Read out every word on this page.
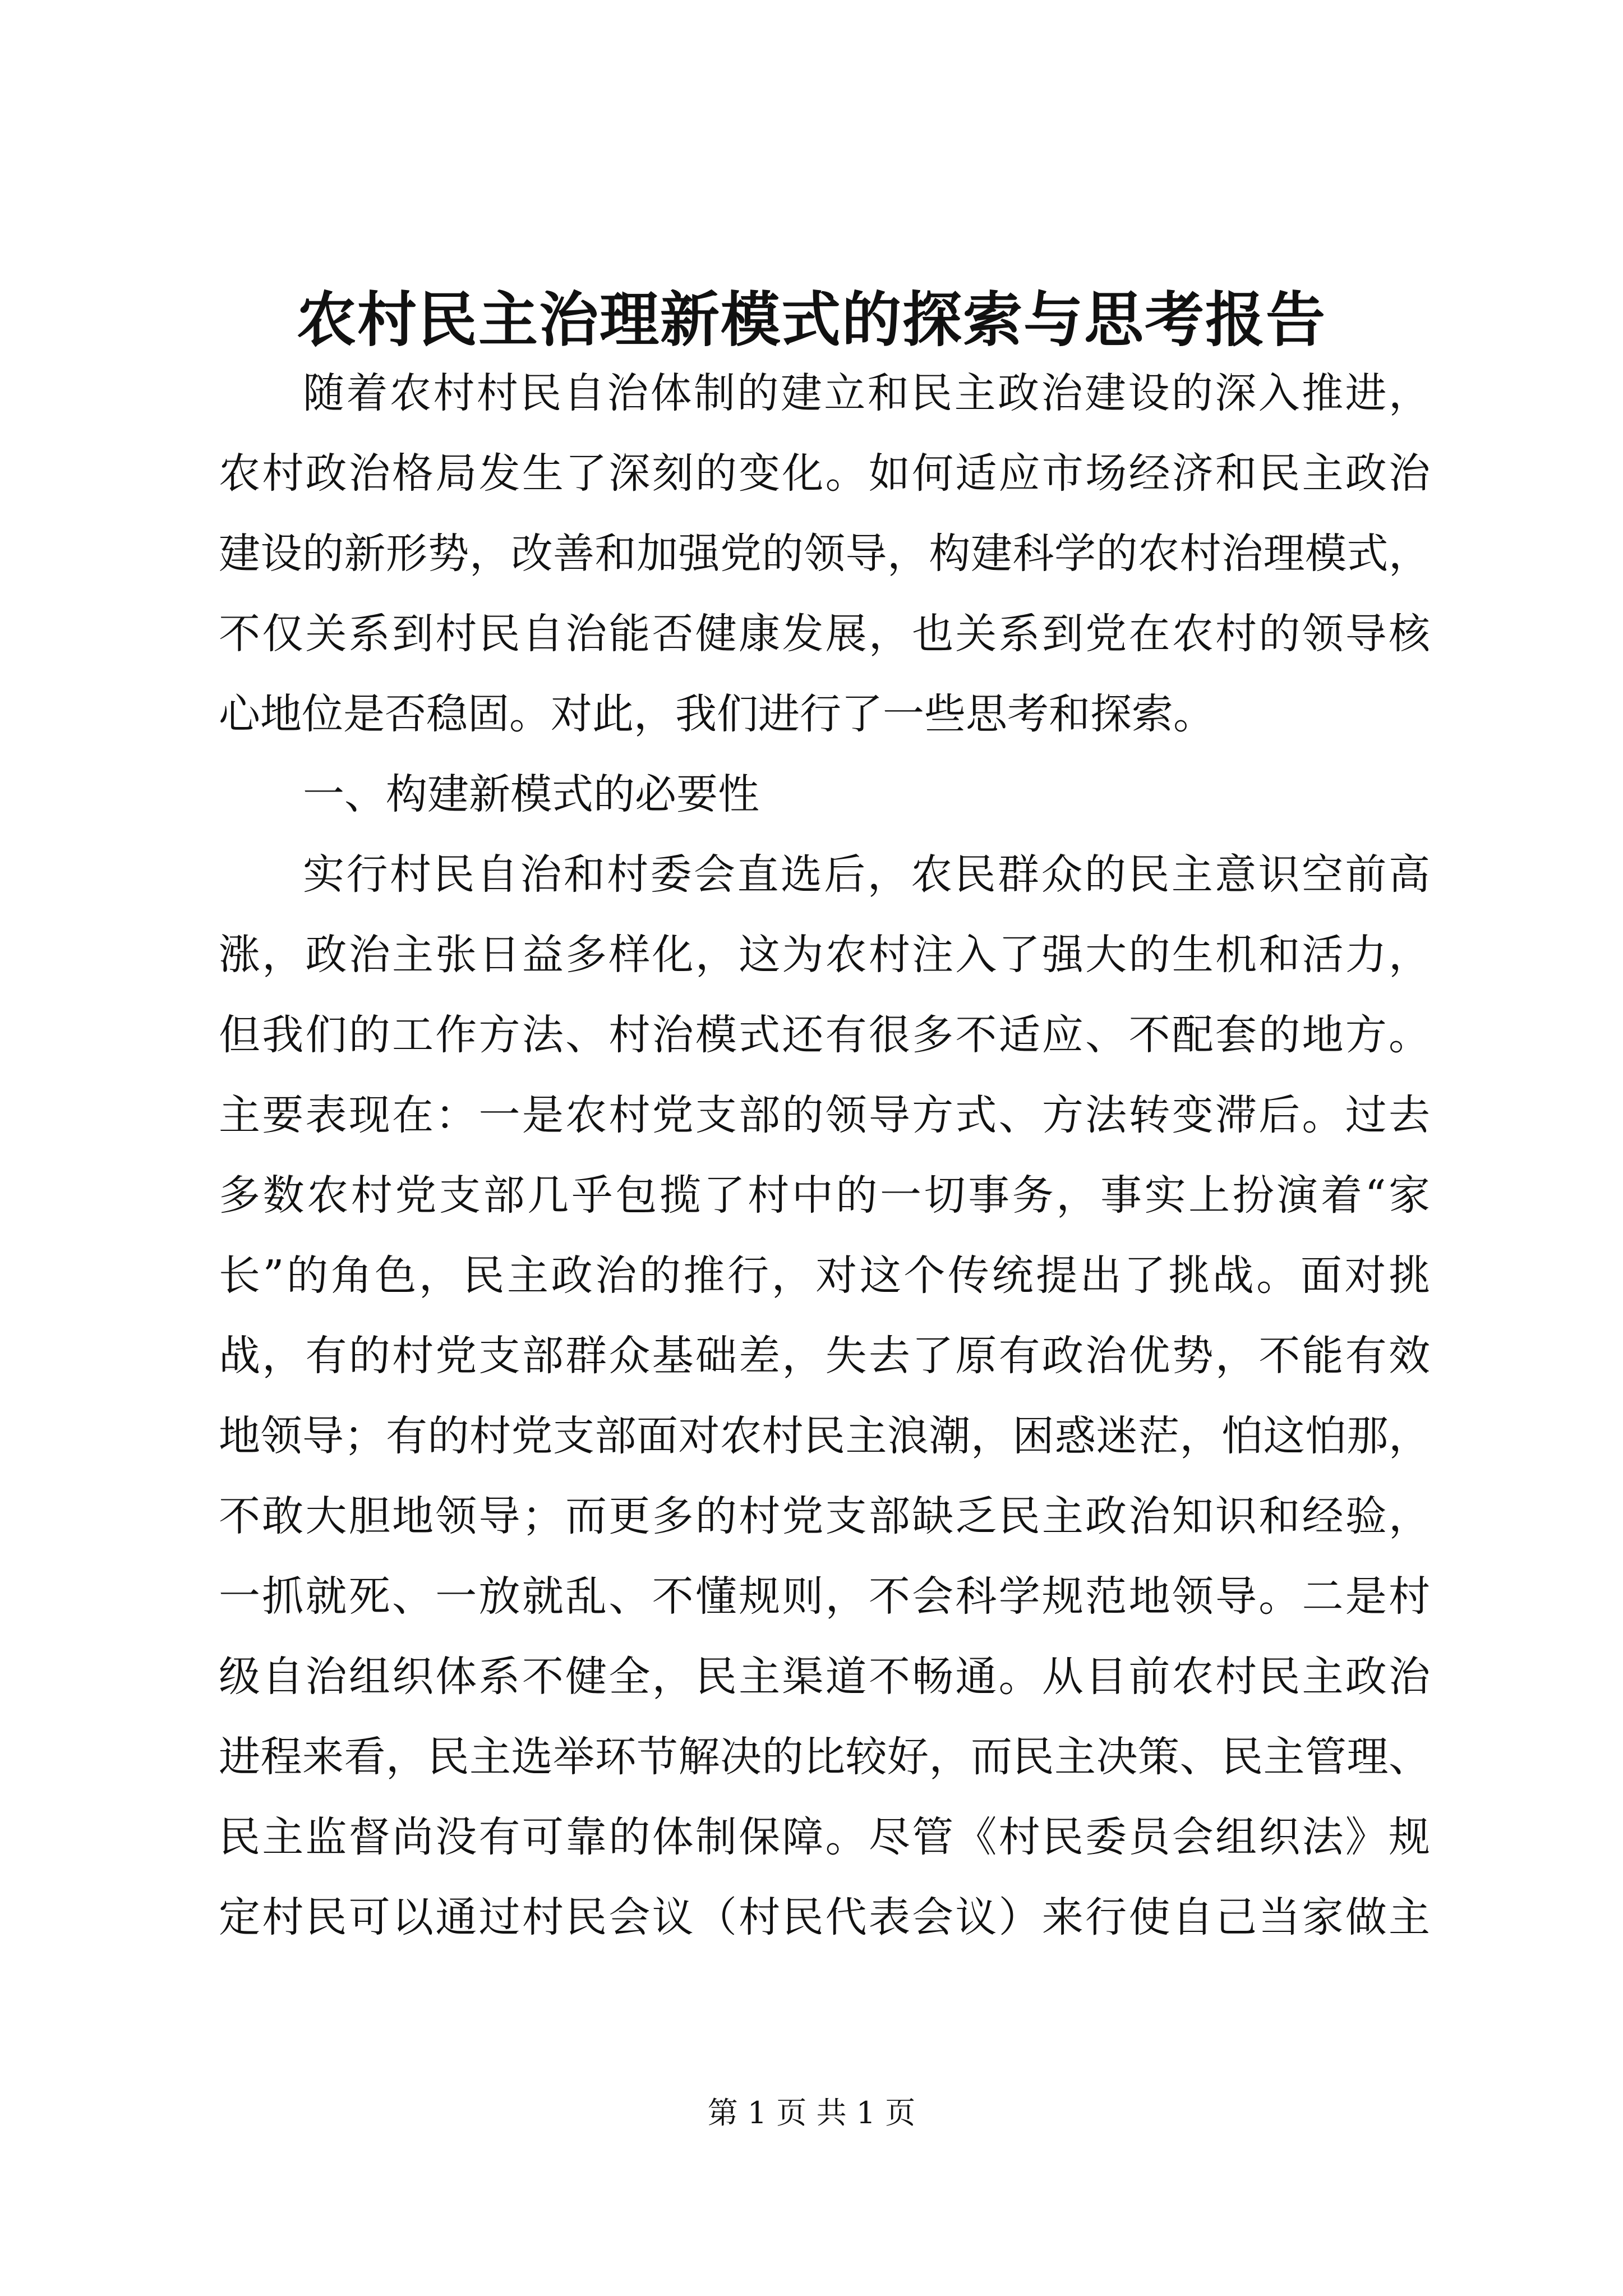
农村民主治理新模式的探索与思考报告
随着农村村民自治体制的建立和民主政治建设的深入推进，
农村政治格局发生了深刻的变化。如何适应市场经济和民主政治
建设的新形势，改善和加强党的领导，构建科学的农村治理模式，
不仅关系到村民自治能否健康发展，也关系到党在农村的领导核
心地位是否稳固。对此，我们进行了一些思考和探索。
一、构建新模式的必要性
实行村民自治和村委会直选后，农民群众的民主意识空前高
涨，政治主张日益多样化，这为农村注入了强大的生机和活力，
但我们的工作方法、村治模式还有很多不适应、不配套的地方。
主要表现在：一是农村党支部的领导方式、方法转变滞后。过去
多数农村党支部几乎包揽了村中的一切事务，事实上扮演着“家
长”的角色，民主政治的推行，对这个传统提出了挑战。面对挑
战，有的村党支部群众基础差，失去了原有政治优势，不能有效
地领导；有的村党支部面对农村民主浪潮，困惑迷茫，怕这怕那，
不敢大胆地领导；而更多的村党支部缺乏民主政治知识和经验，
一抓就死、一放就乱、不懂规则，不会科学规范地领导。二是村
级自治组织体系不健全，民主渠道不畅通。从目前农村民主政治
进程来看，民主选举环节解决的比较好，而民主决策、民主管理、
民主监督尚没有可靠的体制保障。尽管《村民委员会组织法》规
定村民可以通过村民会议（村民代表会议）来行使自己当家做主
第 1 页 共 1 页
